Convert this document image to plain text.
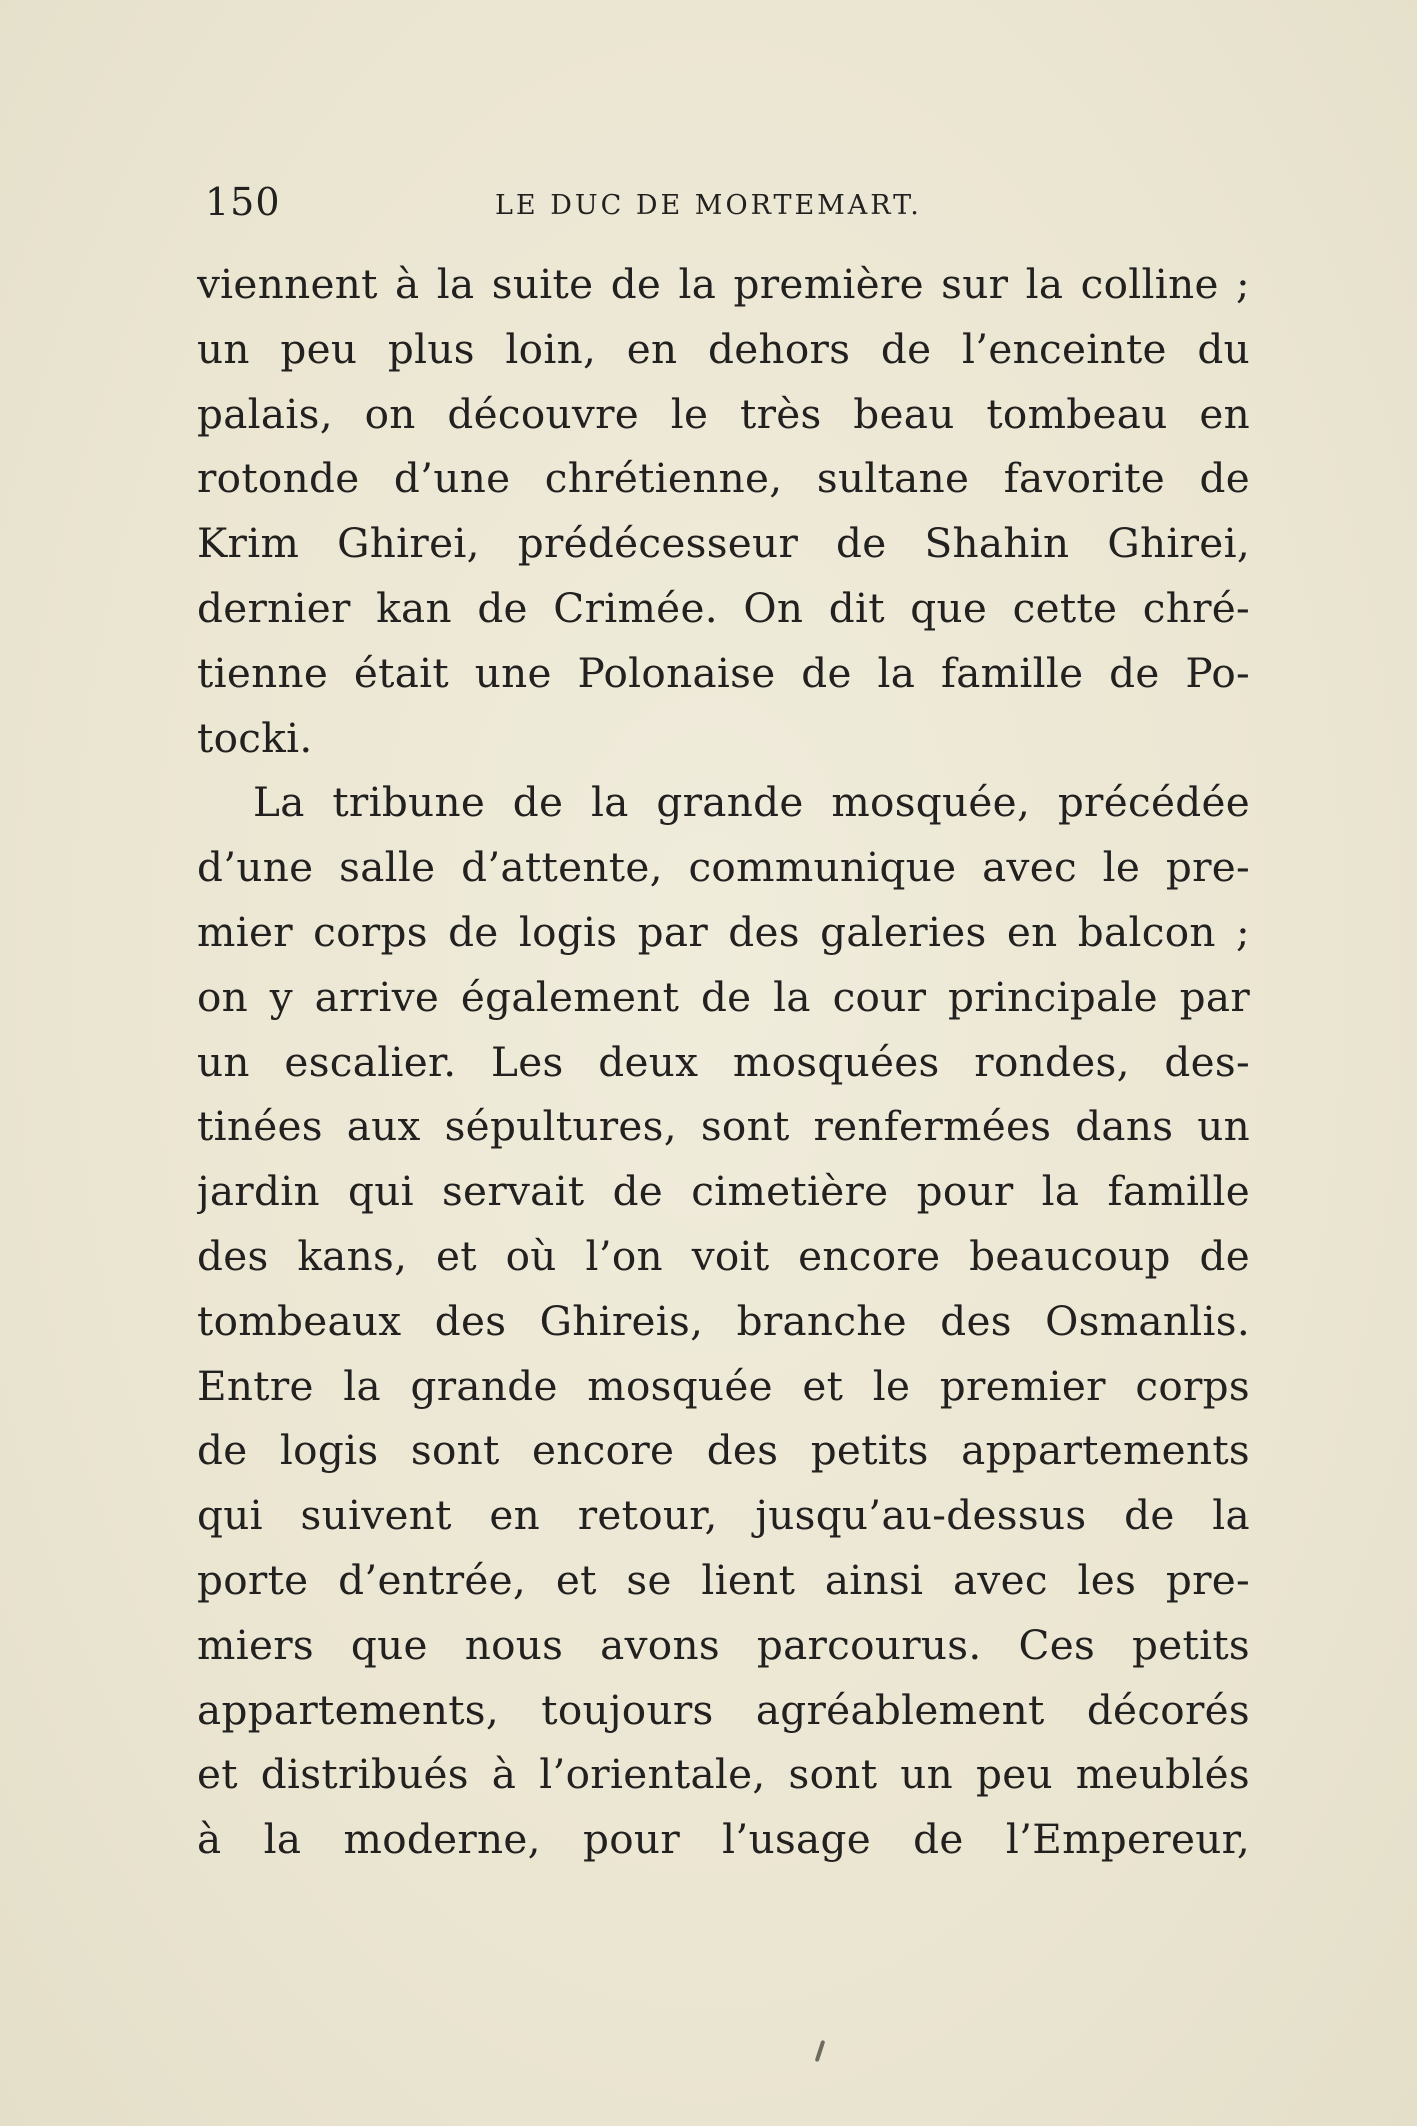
150	LE DUC DE MORTEMART.
viennent à la suite de la première sur la colline ;
un peu plus loin, en dehors de l’enceinte du
palais, on découvre le très beau tombeau en
rotonde d’une chrétienne, sultane favorite de
Krim Ghirei, prédécesseur de Shahin Ghirei,
dernier kan de Crimée. On dit que cette chré-
tienne était une Polonaise de la famille de Po-
tocki.
La tribune de la grande mosquée, précédée
d’une salle d’attente, communique avec le pre-
mier corps de logis par des galeries en balcon ;
on y arrive également de la cour principale par
un escalier. Les deux mosquées rondes, des-
tinées aux sépultures, sont renfermées dans un
jardin qui servait de cimetière pour la famille
des kans, et où l’on voit encore beaucoup de
tombeaux des Ghireis, branche des Osmanlis.
Entre la grande mosquée et le premier corps
de logis sont encore des petits appartements
qui suivent en retour, jusqu’au-dessus de la
porte d’entrée, et se lient ainsi avec les pre-
miers que nous avons parcourus. Ces petits
appartements, toujours agréablement décorés
et distribués à l’orientale, sont un peu meublés
à la moderne, pour l’usage de l’Empereur,
